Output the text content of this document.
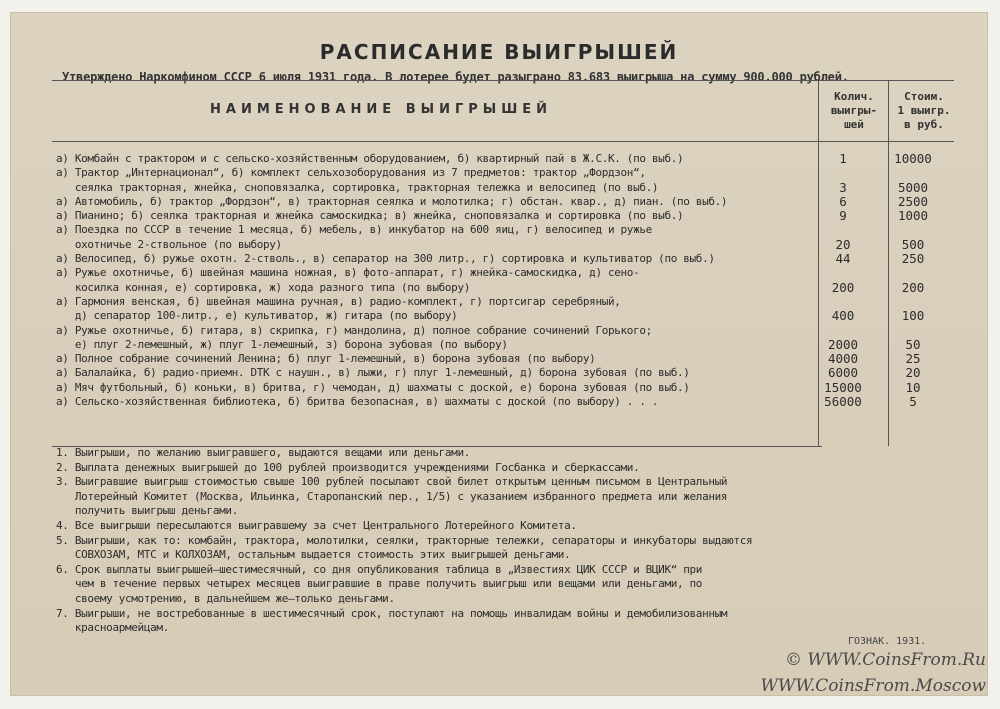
РАСПИСАНИЕ ВЫИГРЫШЕЙ
Утверждено Наркомфином СССР 6 июля 1931 года. В лотерее будет разыграно 83.683 выигрыша на сумму 900.000 рублей.
НАИМЕНОВАНИЕ ВЫИГРЫШЕЙ
Колич.
выигры-
шей
Стоим.
1 выигр.
в руб.
а) Комбайн с трактором и с сельско-хозяйственным оборудованием, б) квартирный пай в Ж.С.К. (по выб.)	1	10000
а) Трактор „Интернационал“, б) комплект сельхозоборудования из 7 предметов: трактор „Фордзон“,
сеялка тракторная, жнейка, сноповязалка, сортировка, тракторная тележка и велосипед (по выб.)	3	5000
а) Автомобиль, б) трактор „Фордзон“, в) тракторная сеялка и молотилка; г) обстан. квар., д) пиан. (по выб.)	6	2500
а) Пианино; б) сеялка тракторная и жнейка самоскидка; в) жнейка, сноповязалка и сортировка (по выб.)	9	1000
а) Поездка по СССР в течение 1 месяца, б) мебель, в) инкубатор на 600 яиц, г) велосипед и ружье
охотничье 2-ствольное (по выбору)	20	500
а) Велосипед, б) ружье охотн. 2-стволь., в) сепаратор на 300 литр., г) сортировка и культиватор (по выб.)	44	250
а) Ружье охотничье, б) швейная машина ножная, в) фото-аппарат, г) жнейка-самоскидка, д) сено-
косилка конная, е) сортировка, ж) хода разного типа (по выбору)	200	200
а) Гармония венская, б) швейная машина ручная, в) радио-комплект, г) портсигар серебряный,
д) сепаратор 100-литр., е) культиватор, ж) гитара (по выбору)	400	100
а) Ружье охотничье, б) гитара, в) скрипка, г) мандолина, д) полное собрание сочинений Горького;
е) плуг 2-лемешный, ж) плуг 1-лемешный, з) борона зубовая (по выбору)	2000	50
а) Полное собрание сочинений Ленина; б) плуг 1-лемешный, в) борона зубовая (по выбору)	4000	25
а) Балалайка, б) радио-приемн. DTK с наушн., в) лыжи, г) плуг 1-лемешный, д) борона зубовая (по выб.)	6000	20
а) Мяч футбольный, б) коньки, в) бритва, г) чемодан, д) шахматы с доской, е) борона зубовая (по выб.)	15000	10
а) Сельско-хозяйственная библиотека, б) бритва безопасная, в) шахматы с доской (по выбору) . . .	56000	5
1. Выигрыши, по желанию выигравшего, выдаются вещами или деньгами.
2. Выплата денежных выигрышей до 100 рублей производится учреждениями Госбанка и сберкассами.
3. Выигравшие выигрыш стоимостью свыше 100 рублей посылают свой билет открытым ценным письмом в Центральный
Лотерейный Комитет (Москва, Ильинка, Старопанский пер., 1/5) с указанием избранного предмета или желания
получить выигрыш деньгами.
4. Все выигрыши пересылаются выигравшему за счет Центрального Лотерейного Комитета.
5. Выигрыши, как то: комбайн, трактора, молотилки, сеялки, тракторные тележки, сепараторы и инкубаторы выдаются
СОВХОЗАМ, МТС и КОЛХОЗАМ, остальным выдается стоимость этих выигрышей деньгами.
6. Срок выплаты выигрышей—шестимесячный, со дня опубликования таблица в „Известиях ЦИК СССР и ВЦИК“ при
чем в течение первых четырех месяцев выигравшие в праве получить выигрыш или вещами или деньгами, по
своему усмотрению, в дальнейшем же—только деньгами.
7. Выигрыши, не востребованные в шестимесячный срок, поступают на помощь инвалидам войны и демобилизованным
красноармейцам.
ГОЗНАК. 1931.
© WWW.CoinsFrom.Ru
WWW.CoinsFrom.Moscow
